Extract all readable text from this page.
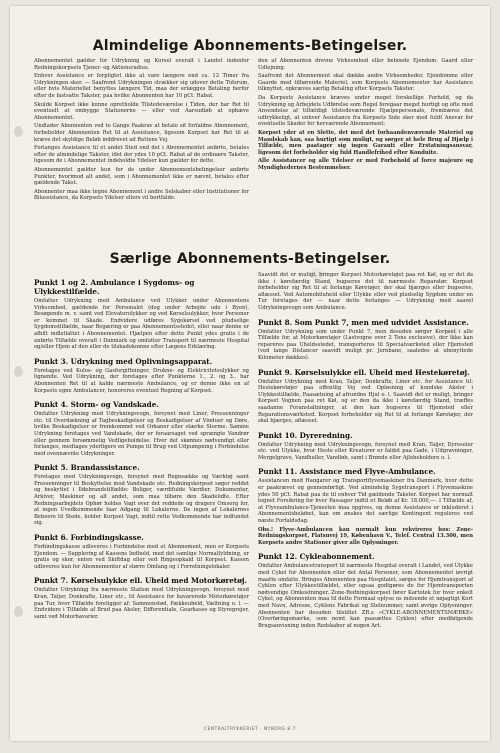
Almindelige Abonnements-Betingelser.

Abonnementet gælder for Udrykning og Korsel overalt i Landet indenfor Redningskorpsets Tjener- og Aktionsradius.

Enhver Assistance er forpligtet ikke at vare længere end ca. 12 Timer fra Udrykningen sker. — Saafremt Udrykningen strækker sig udover dette Tidsrum, eller hvis Materiellet benyttes længere Tid, maa der erlægges Betaling herfor efter de fastsatte Takster, paa hvilke Abonnenten har 10 pCt. Rabat.

Skulde Korpset ikke kunne opretholde Tilstedeværelse i Tiden, der har Ret til eventuelt at ombygge Stationerne — eller ved Aarsudløb at ophæve Abonnementet.

Undlader Abonnenten ved to Gange Paakrav at betale sit forfaldne Abonnement, forbeholder Abonnenten Ret til at Assistance, ligesom Korpset har Ret til at kræve det skyldige Beløb inddrevet ad Rettens Vej.

Forlanges Assistance til et andet Sted end det i Abonnementet anførte, betales efter de almindelige Takster, idet der ydes 10 pCt. Rabat af de ordinære Takster, ligesom de i Abonnementet indeholdte Ydelser kun gælder for dette.

Abonnementet gælder kun for de under Abonnementsbetingelser anførte Punkter, hvorimod alt andet, som i Abonnementet ikke er nævnt, betales efter gældende Takst.

Abonnenter maa ikke tegne Abonnement i andre Selskaber eller Institutioner for Bilassistance, da Korpsets Ydelser ellers vil bortfalde.

den af Abonnenten drevne Virksomhed eller beboede Ejendom. Gaard eller Udlejning.

Saafremt det Abonnement skal dække andre Virksomheder, Ejendomme eller Gaarde med tilhørende Materiel, som Korpsets Abonnementer har Assistance tilknyttet, opkræves særlig Betaling efter Korpsets Takster.

Da Korpsets Assistance kræves under meget forskellige Forhold, og da Udrykning og Arbejdets Udførelse som Regel foregaar meget hurtigt og ofte med Anvendelse af tilfældigt tilstedeværende Hjælpepersonale, frembæres det udtrykkeligt, at enhver Assistance fra Korpsets Side sker med fuldt Ansvar for eventuelle Skader for herværende Abonnement:

Korpset yder at en Slette, det med det forhaandenværende Materiel og Mandskab kan, saa hurtigt som muligt, og sørger at hele Brug af Hjælp i Tilfælde, men paatager sig ingen Garanti eller Erstatningsansvar, ligesom det forbeholder sig fuld Handlefrihed efter Konduite.

Alle Assistancer og alle Ydelser er med Forbehold af force majeure og Myndighedernes Bestemmelser.

Særlige Abonnements-Betingelser.
Punkt 1 og 2. Ambulance i Sygdoms- og Ulykkestilfælde.

Omfatter Udrykning med Ambulance ved Ulykker under Abonnentens Virksomhed, gældende for Personalet (dog under Arbejde ude i Byen), Besøgende m. v. samt ved Elevatorulykker og ved Kørselsulykker, hvor Personer er kommet til Skade. Endvidere udføres Sygekørsel ved pludselige Sygdomstilfælde, naar Begæring er paa Abonnementsstedet, eller naar denne er afbilt indleflattet i Abonnementet. Hjælpen efter dette Punkt ydes gratis i de anførte Tilfælde overalt i Danmark og omfatter Transport til nærmeste Hospital og/eller Hjem af den eller de tilskadekomne efter Lægens Erklæring.

Punkt 3. Udrykning med Oplivningsapparat.

Foretages ved Kulos- og Gasforgiftninger, Drukne- og Elektricitetsulykker og lignende. Ved Udrykning, der foretages efter Punkterne 1., 2. og 3., har Abonnenten Ret til at kalde nærmeste Ambulance, og er denne ikke en af Korpsets egne Ambulancer, honoreres eventuel Regning af Korpset.

Punkt 4. Storm- og Vandskade.

Omfatter Udrykning med Udrykningsvogn, forsynet med Liner, Pressenninger etc. til Overdækning af Tagbeskadigelser og Beskadigelser af Vinduer og Døre, hvilke Beskadigelser er fremkommet ved Orkaner eller stærke Storme. Samme Udrykning foretages ved Vandskade, der er foraarsaget ved sprængte Vandrør eller gennem forsømmelig Vedligeholdelse. Hver det skønnes nødvendigt eller forlanges, medtages yderligere en Pumpe til Brug ved Udpumpning i Forbindelse med ovennævnte Udrykninger.

Punkt 5. Brandassistance.

Foretages med Udrykningsvogn, forsynet med Regnsække og Værktøj samt Pressenninger til Beskyttelse mod Vandskade etc. Redningskorpset søger reddet og beskyttet i Ildebrandstilfælde: Boliger, værdifulde Værdier, Dokumenter, Arkiver, Maskiner og alt andet, som maa tilhøre den Skadelidte. Efter Redningsarbejdets Ophør holdes Vagt over det reddede og dragers Omsorg for, at ingen Uvedkommende faar Adgang til Lokalerne. De ingen af Lokalernes Beboere til Stede, holder Korpset Vagt, indtil rette Vedkommende har indfundet sig.

Punkt 6. Forbindingskasse.

Forbindingskasse udleveres i Forbindelse med et Abonnement, men er Korpsets Ejendom. — Supplering af Kassens Indhold, med det samlige Normalfyldning, er gratis og sker, enten ved Skiftdag eller ved Ringeopkald til Korpset. Kassen udleveres kun for Abonnementer af større Omfang og i Forretningslokaler.

Punkt 7. Kørselsulykke ell. Uheld med Motorkøretøj.

Omfatter Udrykning fra nærmeste Station med Udrykningsvogn, forsynet med Kran, Taljer, Donkrafte, Liner etc., til Assistance for havarerede Motorkøretøjer paa Tur, hvor Tilfælde foreligger af: Sammenstød, Pækkeuheld, Væltning o. l. — Endvidere i Tilfælde af Brud paa Aksler, Differentiale, Gearkasse og Styregrejer, samt ved Motorhavarier.

Saavidt det er muligt, bringer Korpset Motorkøretøjet paa ret Køl, og er det da ikke i kørefærdig Stand, bugseres det til nærmeste Reparatør. Korpset forbeholder sig Ret til at forlange Køretøjer, der skal bjærges eller bugseres, aflæsset. Ved Automobiluheld eller Ulykke eller ved pludselig Sygdom under en Tur foretages der — naar dette forlanges — Udrykning med saavel Udrykningsvogn som Ambulance.

Punkt 8. Som Punkt 7, men med udvidet Assistance.

Omfatter Udrykning som under Punkt 7, men desuden sørger Korpset i alle Tilfælde for, at Motorkøretøjer (Lastvogne over 2 Tons exclusive), der ikke kan repareres paa Uheldsstedet, transporteres til Specialværksted eller Hjemsted (ved lange Distancer saavidt muligt pr. Jernbane, saaledes at ubenyttede Kilometer dækkes).

Punkt 9. Kørselsulykke ell. Uheld med Hestekøretøj.

Omfatter Udrykning med Kran, Taljer, Donkrafte, Liner etc. for Assistance til: Hestekøretøjer paa offentlig Vej ved Opløsning af kundske Aksler i Ulykkestilfælde, Paasætning af afrundne Hjul o. l. Saavidt det er muligt, bringer Korpset Vognen paa ret Køl, og er den da ikke i kørefærdig Stand, træffes saadanne Foranstaltninger, at den kan bugseres til Hjemsted eller Reparationsværksted. Korpset forbeholder sig Ret til at forlange Køretøjer, der skal bjærges, aflæsset.

Punkt 10. Dyreredning.

Omfatter Udrykning med Udrykningsvogn, forsynet med Kran, Taljer, Dyreseler etc. ved Ulykke, hvor Heste eller Kreaturer er faldet paa Gade, i Udgravninger, Mergelgrave, Vandhuller, Vandløb, samt i Brønde eller Ajlebeholdere o. l.

Punkt 11. Assistance med Flyve-Ambulance.

Assistancen med Hangarer og Transportflyvemaskiner fra Danmark, hvor dette er paakrævet og gennemførligt. Ved almindelig Sygetransport i Flyvemaskine ydes 50 pCt. Rabat paa de til enhver Tid gældende Takster. Korpset har normalt tegnet Forsikring for hver Passager indtil et Beløb af Kr. 18.000,—. I Tilfælde af, at Flyveambulance-Tjenesten maa opgives, og denne Assistance er inkluderet i Abonnementsbeløbet, kan om ønskes det særlige Kontingent reguleres ved næste Forfaldsdag.

Obs.! Flyve-Ambulancen kan normalt kun rekvireres hos: Zone-Redningskorpset, Flatsnvej 19, København V., Telef. Central 13.306, men Korpsets andre Stationer giver alle Oplysninger.

Punkt 12. Cykleabonnement.

Omfatter Ambulancetransport til nærmeste Hospital overalt i Landet, ved Ulykke med Cykel for Abonnenten eller det Antal Personer, som Abonnementet iøvrigt maatte omfatte. Bringes Abonnenten paa Hospitalet, sørges for Hjemtransport af Cyklen efter Ulykkestilfældet, eller ogsaa godtgøres de for Hjemtransporten nødvendige Omkostninger. Zone-Redningskorpset fører Kartotek for hver enkelt Cykel, og Abonnenten maa til dette Formaal oplyse os indsende et nøjagtigt Kort med Navn, Adresse, Cyklens Fabrikat og Stelnummer, samt øvrige Oplysninger. Abonnenten har desuden tilstillet ZR.s »CYKLE-ABONNEMENTSMÆRKE« (Overføringsmærke, som nemt kan paasættes Cyklen) efter medfølgende Brugsanvisning inden Redskaber af nogen Art.

CENTRALTRYKKERIET · NYBORG 8.7
